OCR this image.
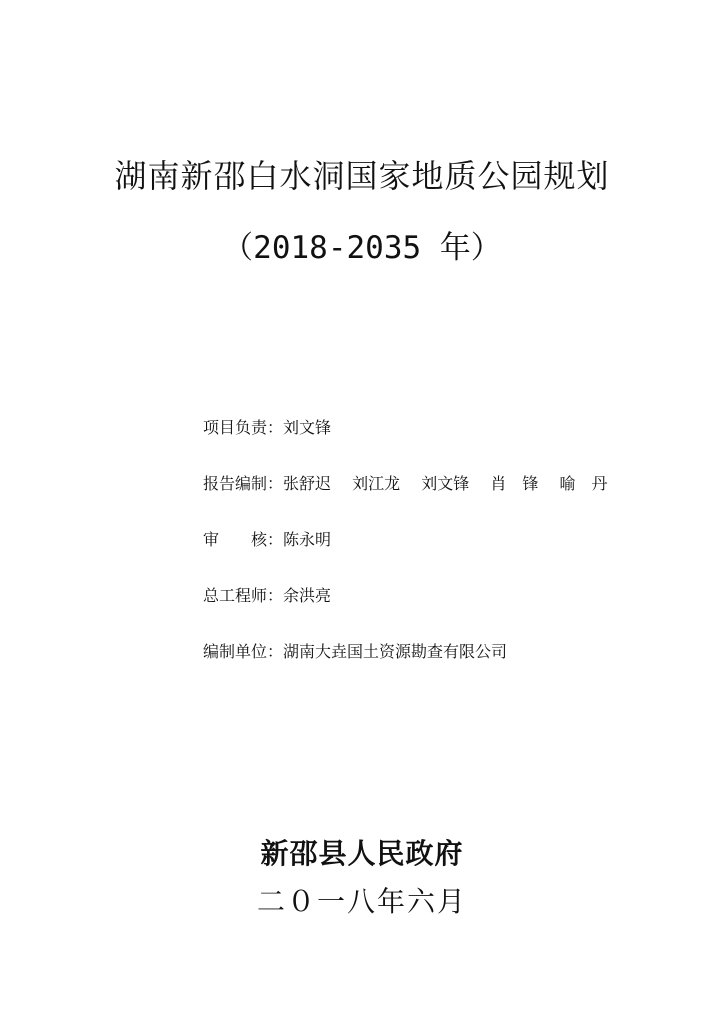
湖南新邵白水洞国家地质公园规划
（2018-2035 年）
项目负责：刘文锋
报告编制：张舒迟 刘江龙 刘文锋 肖　锋 喻　丹
审　　核：陈永明
总工程师：余洪亮
编制单位：湖南大垚国土资源勘查有限公司
新邵县人民政府
二０一八年六月
